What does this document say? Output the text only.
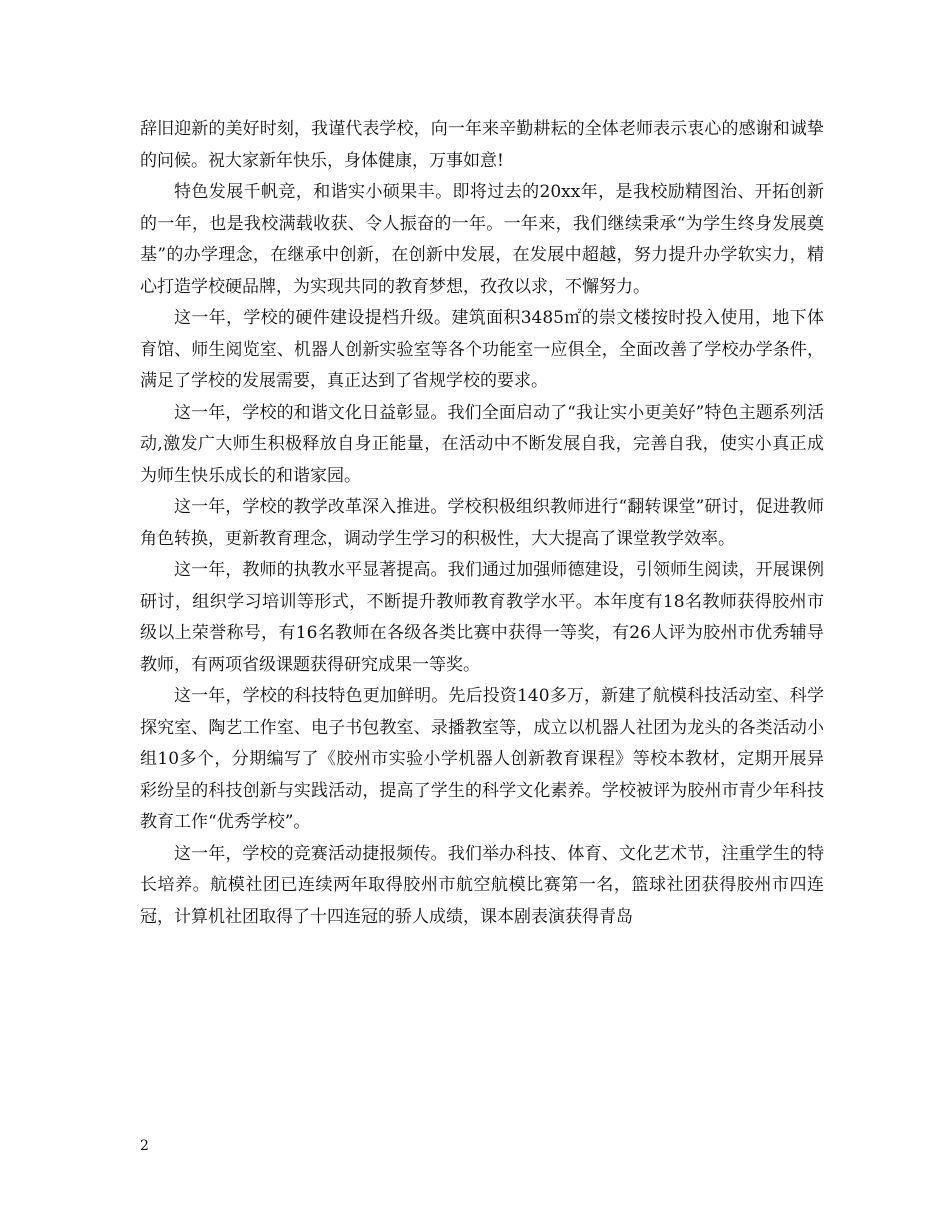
辞旧迎新的美好时刻，我谨代表学校，向一年来辛勤耕耘的全体老师表示衷心的感谢和诚挚的问候。祝大家新年快乐，身体健康，万事如意!

特色发展千帆竞，和谐实小硕果丰。即将过去的20xx年，是我校励精图治、开拓创新的一年，也是我校满载收获、令人振奋的一年。一年来，我们继续秉承“为学生终身发展奠基”的办学理念，在继承中创新，在创新中发展，在发展中超越，努力提升办学软实力，精心打造学校硬品牌，为实现共同的教育梦想，孜孜以求，不懈努力。

这一年，学校的硬件建设提档升级。建筑面积3485㎡的崇文楼按时投入使用，地下体育馆、师生阅览室、机器人创新实验室等各个功能室一应俱全，全面改善了学校办学条件，满足了学校的发展需要，真正达到了省规学校的要求。

这一年，学校的和谐文化日益彰显。我们全面启动了“我让实小更美好”特色主题系列活动,激发广大师生积极释放自身正能量，在活动中不断发展自我，完善自我，使实小真正成为师生快乐成长的和谐家园。

这一年，学校的教学改革深入推进。学校积极组织教师进行“翻转课堂”研讨，促进教师角色转换，更新教育理念，调动学生学习的积极性，大大提高了课堂教学效率。

这一年，教师的执教水平显著提高。我们通过加强师德建设，引领师生阅读，开展课例研讨，组织学习培训等形式，不断提升教师教育教学水平。本年度有18名教师获得胶州市级以上荣誉称号，有16名教师在各级各类比赛中获得一等奖，有26人评为胶州市优秀辅导教师，有两项省级课题获得研究成果一等奖。

这一年，学校的科技特色更加鲜明。先后投资140多万，新建了航模科技活动室、科学探究室、陶艺工作室、电子书包教室、录播教室等，成立以机器人社团为龙头的各类活动小组10多个，分期编写了《胶州市实验小学机器人创新教育课程》等校本教材，定期开展异彩纷呈的科技创新与实践活动，提高了学生的科学文化素养。学校被评为胶州市青少年科技教育工作“优秀学校”。

这一年，学校的竞赛活动捷报频传。我们举办科技、体育、文化艺术节，注重学生的特长培养。航模社团已连续两年取得胶州市航空航模比赛第一名，篮球社团获得胶州市四连冠，计算机社团取得了十四连冠的骄人成绩，课本剧表演获得青岛

2
